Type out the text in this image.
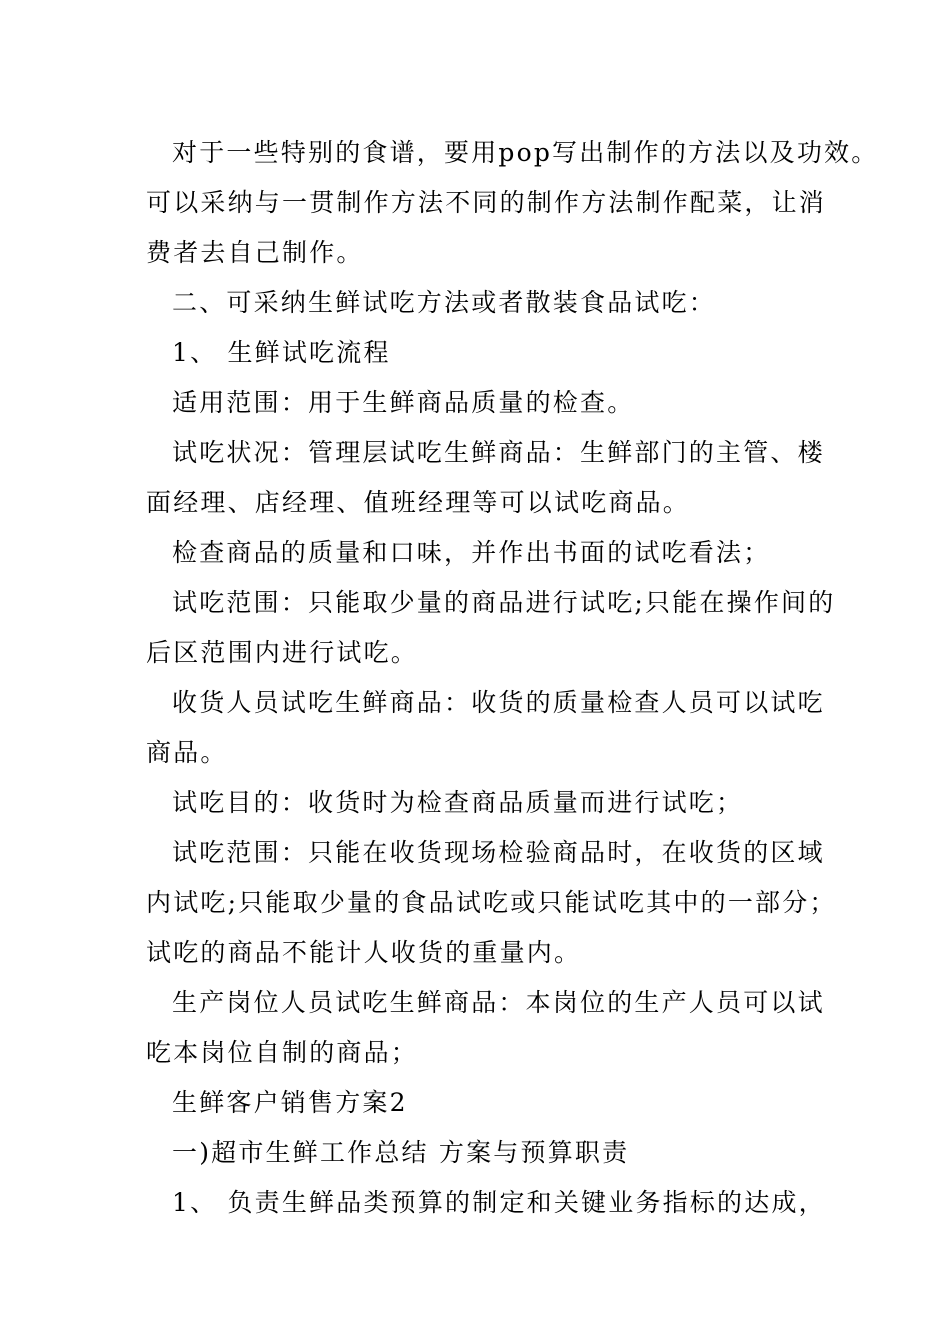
对于一些特别的食谱，要用pop写出制作的方法以及功效。
可以采纳与一贯制作方法不同的制作方法制作配菜，让消
费者去自己制作。
二、可采纳生鲜试吃方法或者散装食品试吃：
1、 生鲜试吃流程
适用范围：用于生鲜商品质量的检查。
试吃状况：管理层试吃生鲜商品：生鲜部门的主管、楼
面经理、店经理、值班经理等可以试吃商品。
检查商品的质量和口味，并作出书面的试吃看法；
试吃范围：只能取少量的商品进行试吃;只能在操作间的
后区范围内进行试吃。
收货人员试吃生鲜商品：收货的质量检查人员可以试吃
商品。
试吃目的：收货时为检查商品质量而进行试吃；
试吃范围：只能在收货现场检验商品时，在收货的区域
内试吃;只能取少量的食品试吃或只能试吃其中的一部分；
试吃的商品不能计人收货的重量内。
生产岗位人员试吃生鲜商品：本岗位的生产人员可以试
吃本岗位自制的商品；
生鲜客户销售方案2
一)超市生鲜工作总结 方案与预算职责
1、 负责生鲜品类预算的制定和关键业务指标的达成，
